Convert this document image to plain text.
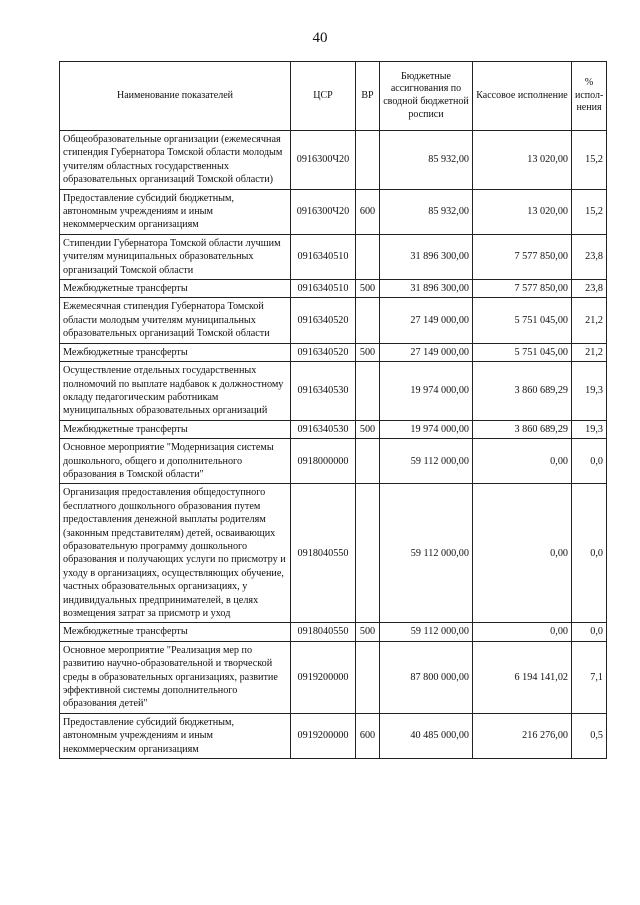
40
Наименование показателей	ЦСР	ВР	Бюджетные ассигнования по сводной бюджетной росписи	Кассовое исполнение	% испол-нения
Общеобразовательные организации (ежемесячная стипендия Губернатора Томской области молодым учителям областных государственных образовательных организаций Томской области)	0916300Ч20		85 932,00	13 020,00	15,2
Предоставление субсидий бюджетным, автономным учреждениям и иным некоммерческим организациям	0916300Ч20	600	85 932,00	13 020,00	15,2
Стипендии Губернатора Томской области лучшим учителям муниципальных образовательных организаций Томской области	0916340510		31 896 300,00	7 577 850,00	23,8
Межбюджетные трансферты	0916340510	500	31 896 300,00	7 577 850,00	23,8
Ежемесячная стипендия Губернатора Томской области молодым учителям муниципальных образовательных организаций Томской области	0916340520		27 149 000,00	5 751 045,00	21,2
Межбюджетные трансферты	0916340520	500	27 149 000,00	5 751 045,00	21,2
Осуществление отдельных государственных полномочий по выплате надбавок к должностному окладу педагогическим работникам муниципальных образовательных организаций	0916340530		19 974 000,00	3 860 689,29	19,3
Межбюджетные трансферты	0916340530	500	19 974 000,00	3 860 689,29	19,3
Основное мероприятие "Модернизация системы дошкольного, общего и дополнительного образования в Томской области"	0918000000		59 112 000,00	0,00	0,0
Организация предоставления общедоступного бесплатного дошкольного образования путем предоставления денежной выплаты родителям (законным представителям) детей, осваивающих образовательную программу дошкольного образования и получающих услуги по присмотру и уходу в организациях, осуществляющих обучение, частных образовательных организациях, у индивидуальных предпринимателей, в целях возмещения затрат за присмотр и уход	0918040550		59 112 000,00	0,00	0,0
Межбюджетные трансферты	0918040550	500	59 112 000,00	0,00	0,0
Основное мероприятие "Реализация мер по развитию научно-образовательной и творческой среды в образовательных организациях, развитие эффективной системы дополнительного образования детей"	0919200000		87 800 000,00	6 194 141,02	7,1
Предоставление субсидий бюджетным, автономным учреждениям и иным некоммерческим организациям	0919200000	600	40 485 000,00	216 276,00	0,5
